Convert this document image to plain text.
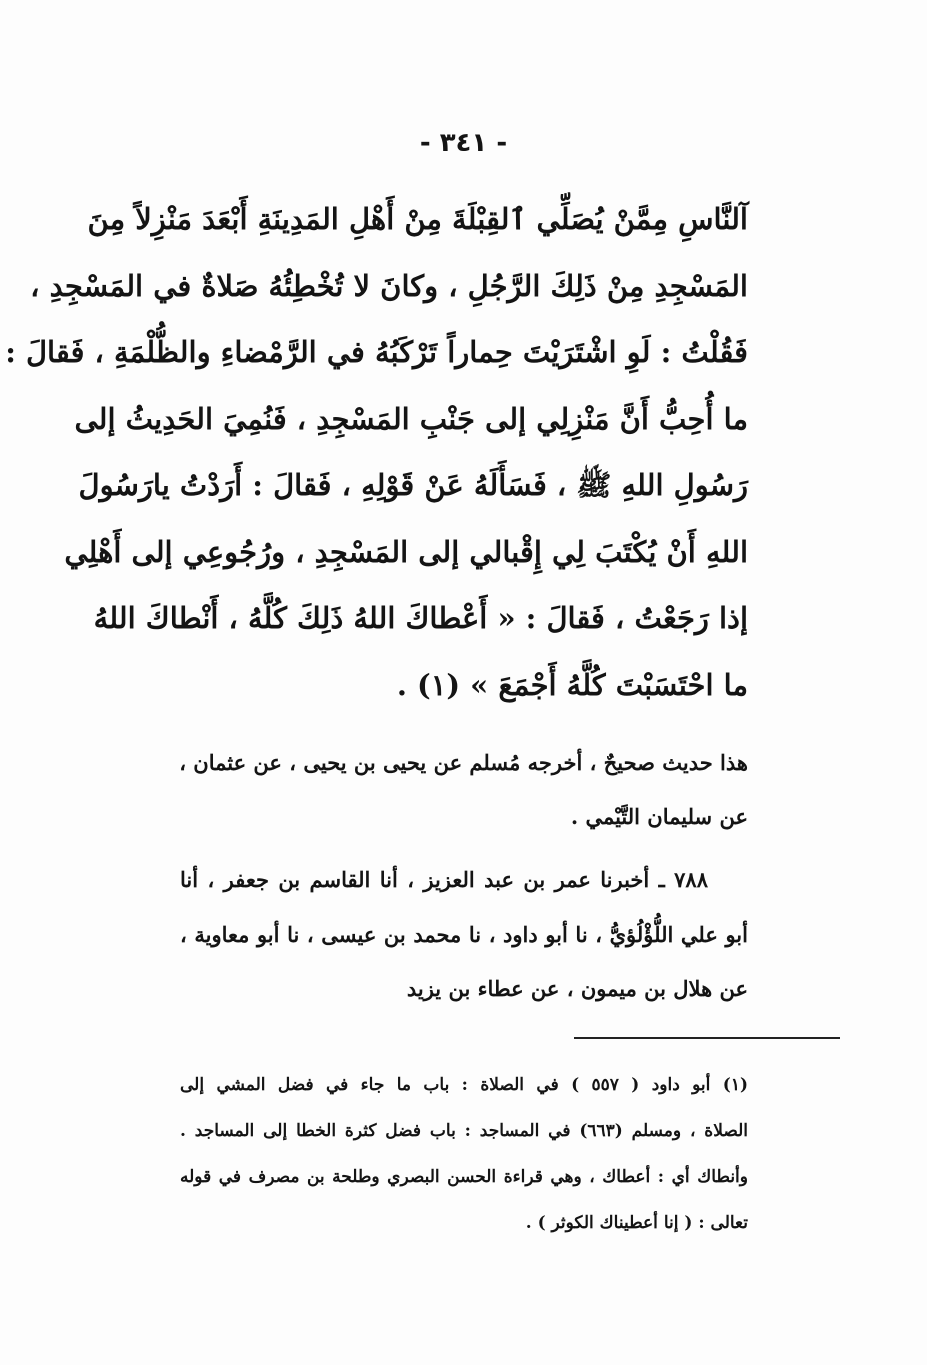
- ٣٤١ -
آلنَّاسِ مِمَّنْ يُصَلِّي ٱلقِبْلَةَ مِنْ أَهْلِ المَدِينَةِ أَبْعَدَ مَنْزِلاً مِنَ
المَسْجِدِ مِنْ ذَلِكَ الرَّجُلِ ، وكانَ لا تُخْطِئُهُ صَلاةٌ في المَسْجِدِ ،
فَقُلْتُ : لَوِ اشْتَرَيْتَ حِماراً تَرْكَبُهُ في الرَّمْضاءِ والظُّلْمَةِ ، فَقالَ :
ما أُحِبُّ أَنَّ مَنْزِلِي إلى جَنْبِ المَسْجِدِ ، فَنُمِيَ الحَدِيثُ إلى
رَسُولِ اللهِ ﷺ ، فَسَأَلَهُ عَنْ قَوْلِهِ ، فَقالَ : أَرَدْتُ يارَسُولَ
اللهِ أَنْ يُكْتَبَ لِي إِقْبالي إلى المَسْجِدِ ، ورُجُوعِي إلى أَهْلِي
إذا رَجَعْتُ ، فَقالَ : « أَعْطاكَ اللهُ ذَلِكَ كُلَّهُ ، أَنْطاكَ اللهُ
ما احْتَسَبْتَ كُلَّهُ أَجْمَعَ » (١) .
هذا حديث صحيحٌ ، أخرجه مُسلم عن يحيى بن يحيى ، عن عثمان ،
عن سليمان التَّيْمي .
٧٨٨ ـ أخبرنا عمر بن عبد العزيز ، أنا القاسم بن جعفر ، أنا
أبو علي اللُّؤْلُؤيُّ ، نا أبو داود ، نا محمد بن عيسى ، نا أبو معاوية ،
عن هلال بن ميمون ، عن عطاء بن يزيد
(١) أبو داود ( ٥٥٧ ) في الصلاة : باب ما جاء في فضل المشي إلى
الصلاة ، ومسلم (٦٦٣) في المساجد : باب فضل كثرة الخطا إلى المساجد .
وأنطاك أي : أعطاك ، وهي قراءة الحسن البصري وطلحة بن مصرف في قوله
تعالى : ( إنا أعطيناك الكوثر ) .
